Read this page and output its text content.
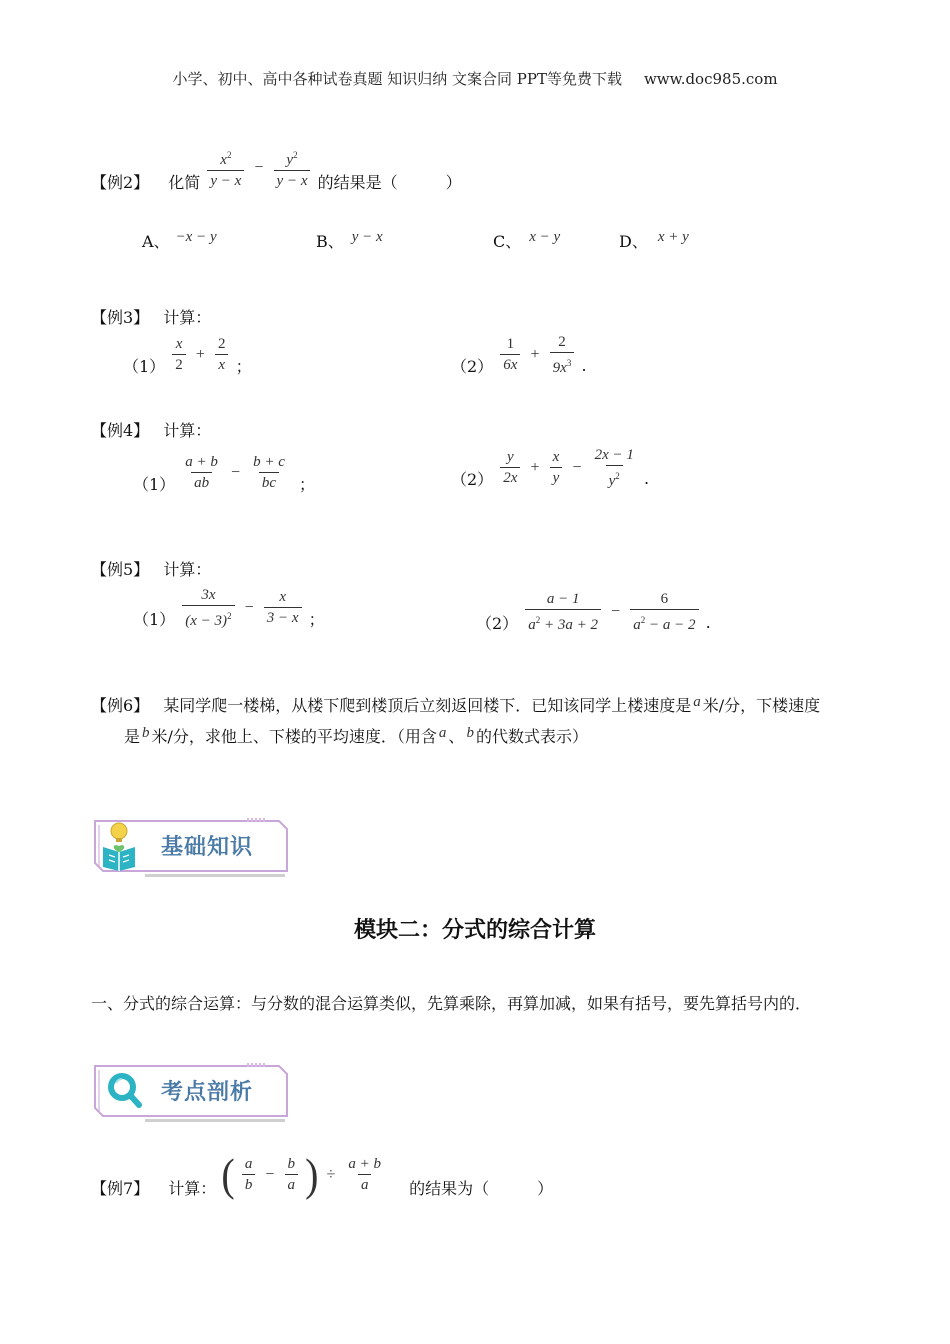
小学、初中、高中各种试卷真题 知识归纳 文案合同 PPT等免费下载 www.doc985.com
【例2】 化简 $\frac{x^2}{y - x} - \frac{y^2}{y - x}$ 的结果是（　　　）
A、 −x − y	B、 y − x	C、 x − y	D、 x + y
【例3】 计算：
$(1) \frac{x}{2} + \frac{2}{x}$ ；	$(2) \frac{1}{6x} + \frac{2}{9x^3}$ .
【例4】 计算：
$(1) \frac{a + b}{ab} - \frac{b + c}{bc}$ ；	$(2) \frac{y}{2x} + \frac{x}{y} - \frac{2x - 1}{y^2}$ .
【例5】 计算：
$(1) \frac{3x}{(x - 3)^2} - \frac{x}{3 - x}$ ；	$(2) \frac{a - 1}{a^2 + 3a + 2} - \frac{6}{a^2 - a - 2}$ .
【例6】 某同学爬一楼梯，从楼下爬到楼顶后立刻返回楼下．已知该同学上楼速度是 a 米/分，下楼速度
是 b 米/分，求他上、下楼的平均速度．（用含 a 、 b 的代数式表示）
基础知识
模块二：分式的综合计算
一、分式的综合运算：与分数的混合运算类似，先算乘除，再算加减，如果有括号，要先算括号内的．
考点剖析
【例7】 计算： ( $\frac{a}{b} - \frac{b}{a}$ ) ÷ $\frac{a + b}{a}$ 的结果为（　　　）
